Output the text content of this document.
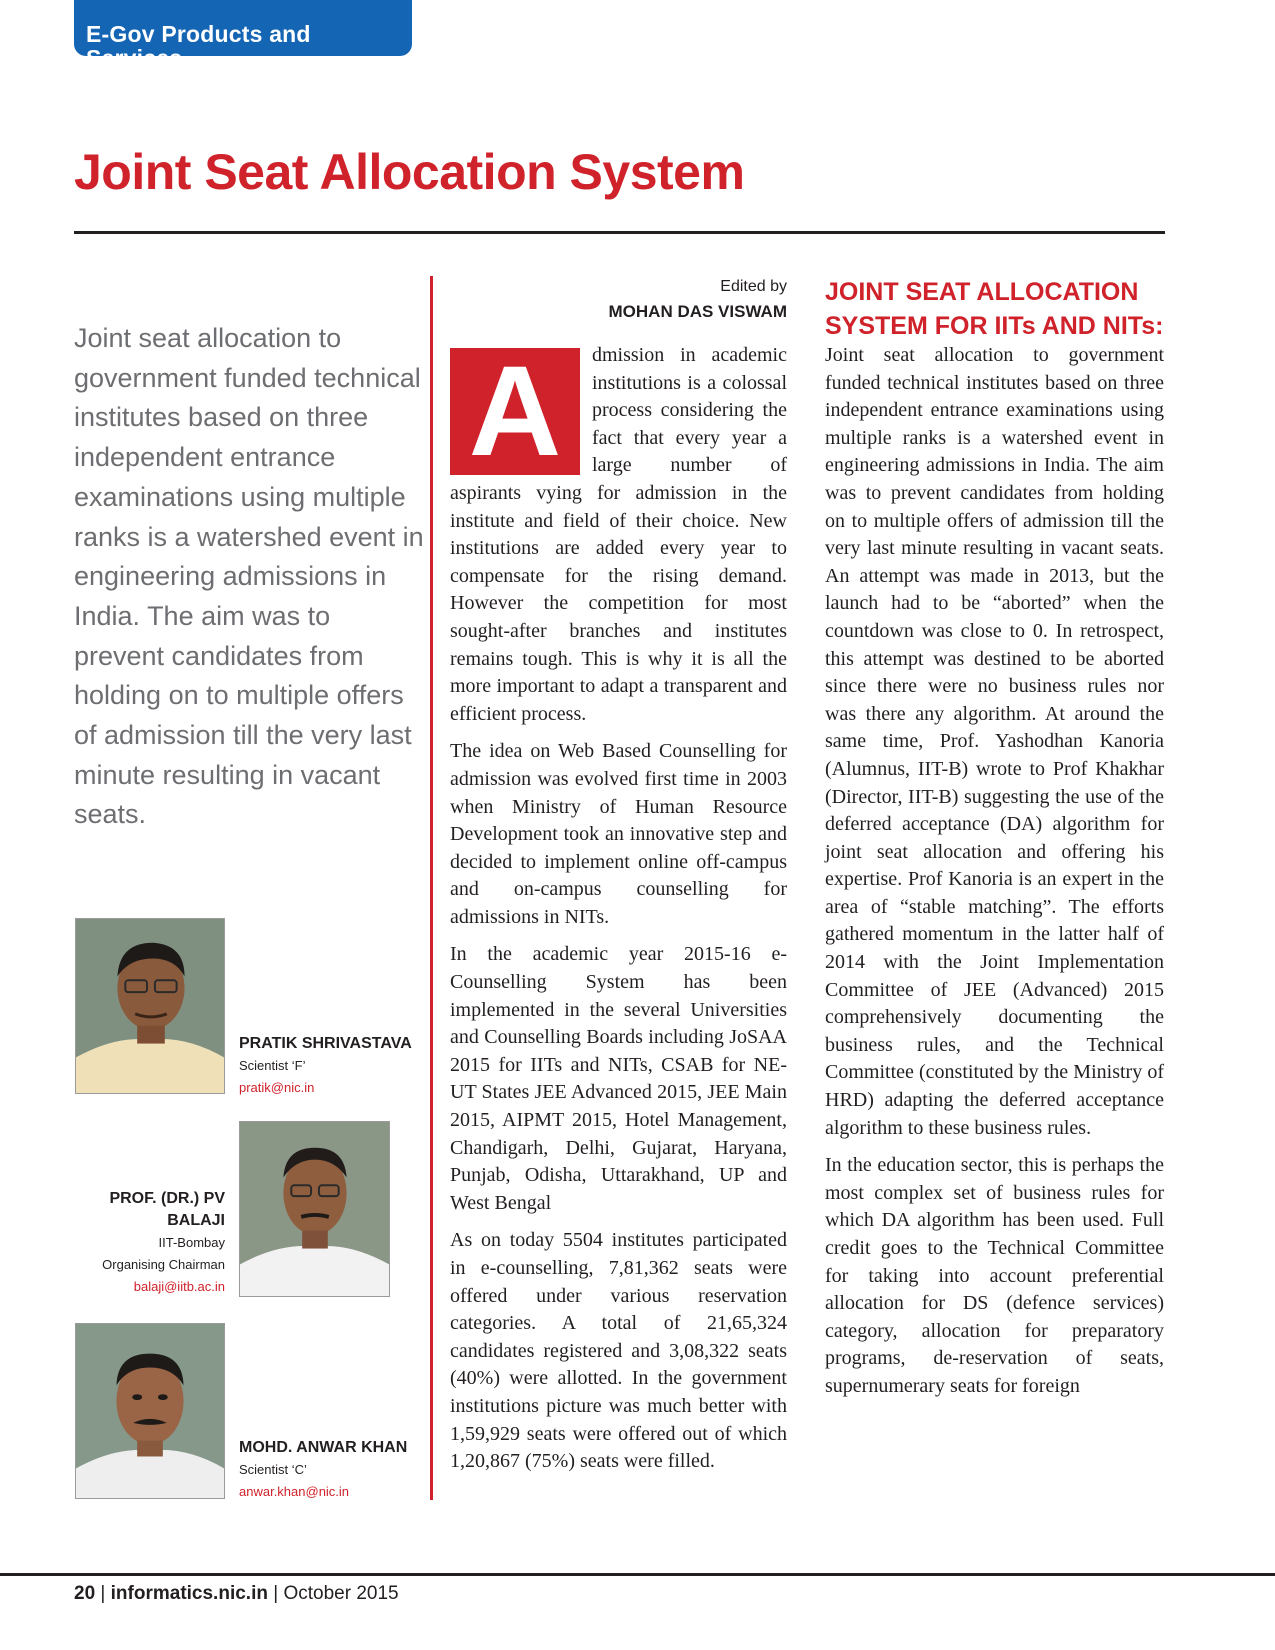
E-Gov Products and Services
Joint Seat Allocation System

Joint seat allocation to government funded technical institutes based on three independent entrance examinations using multiple ranks is a watershed event in engineering admissions in India. The aim was to prevent candidates from holding on to multiple offers of admission till the very last minute resulting in vacant seats.

PRATIK SHRIVASTAVA
Scientist ‘F’
pratik@nic.in
PROF. (DR.) PV BALAJI
IIT-Bombay
Organising Chairman
balaji@iitb.ac.in
MOHD. ANWAR KHAN
Scientist ‘C’
anwar.khan@nic.in
Edited by
MOHAN DAS VISWAM

A	dmission in academic institutions is a colossal process considering the fact that every year a large number of aspirants vying for admission in the institute and field of their choice. New institutions are added every year to compensate for the rising demand. However the competition for most sought-after branches and institutes remains tough. This is why it is all the more important to adapt a transparent and efficient process.

The idea on Web Based Counselling for admission was evolved first time in 2003 when Ministry of Human Resource Development took an innovative step and decided to implement online off-campus and on-campus counselling for admissions in NITs.

In the academic year 2015-16 e-Counselling System has been implemented in the several Universities and Counselling Boards including JoSAA 2015 for IITs and NITs, CSAB for NE-UT States JEE Advanced 2015, JEE Main 2015, AIPMT 2015, Hotel Management, Chandigarh, Delhi, Gujarat, Haryana, Punjab, Odisha, Uttarakhand, UP and West Bengal

As on today 5504 institutes participated in e-counselling, 7,81,362 seats were offered under various reservation categories. A total of 21,65,324 candidates registered and 3,08,322 seats (40%) were allotted. In the government institutions picture was much better with 1,59,929 seats were offered out of which 1,20,867 (75%) seats were filled.

JOINT SEAT ALLOCATION SYSTEM FOR IITs AND NITs:

Joint seat allocation to government funded technical institutes based on three independent entrance examinations using multiple ranks is a watershed event in engineering admissions in India. The aim was to prevent candidates from holding on to multiple offers of admission till the very last minute resulting in vacant seats. An attempt was made in 2013, but the launch had to be “aborted” when the countdown was close to 0. In retrospect, this attempt was destined to be aborted since there were no business rules nor was there any algorithm. At around the same time, Prof. Yashodhan Kanoria (Alumnus, IIT-B) wrote to Prof Khakhar (Director, IIT-B) suggesting the use of the deferred acceptance (DA) algorithm for joint seat allocation and offering his expertise. Prof Kanoria is an expert in the area of “stable matching”. The efforts gathered momentum in the latter half of 2014 with the Joint Implementation Committee of JEE (Advanced) 2015 comprehensively documenting the business rules, and the Technical Committee (constituted by the Ministry of HRD) adapting the deferred acceptance algorithm to these business rules.

In the education sector, this is perhaps the most complex set of business rules for which DA algorithm has been used. Full credit goes to the Technical Committee for taking into account preferential allocation for DS (defence services) category, allocation for preparatory programs, de-reservation of seats, supernumerary seats for foreign

20 | informatics.nic.in | October 2015
